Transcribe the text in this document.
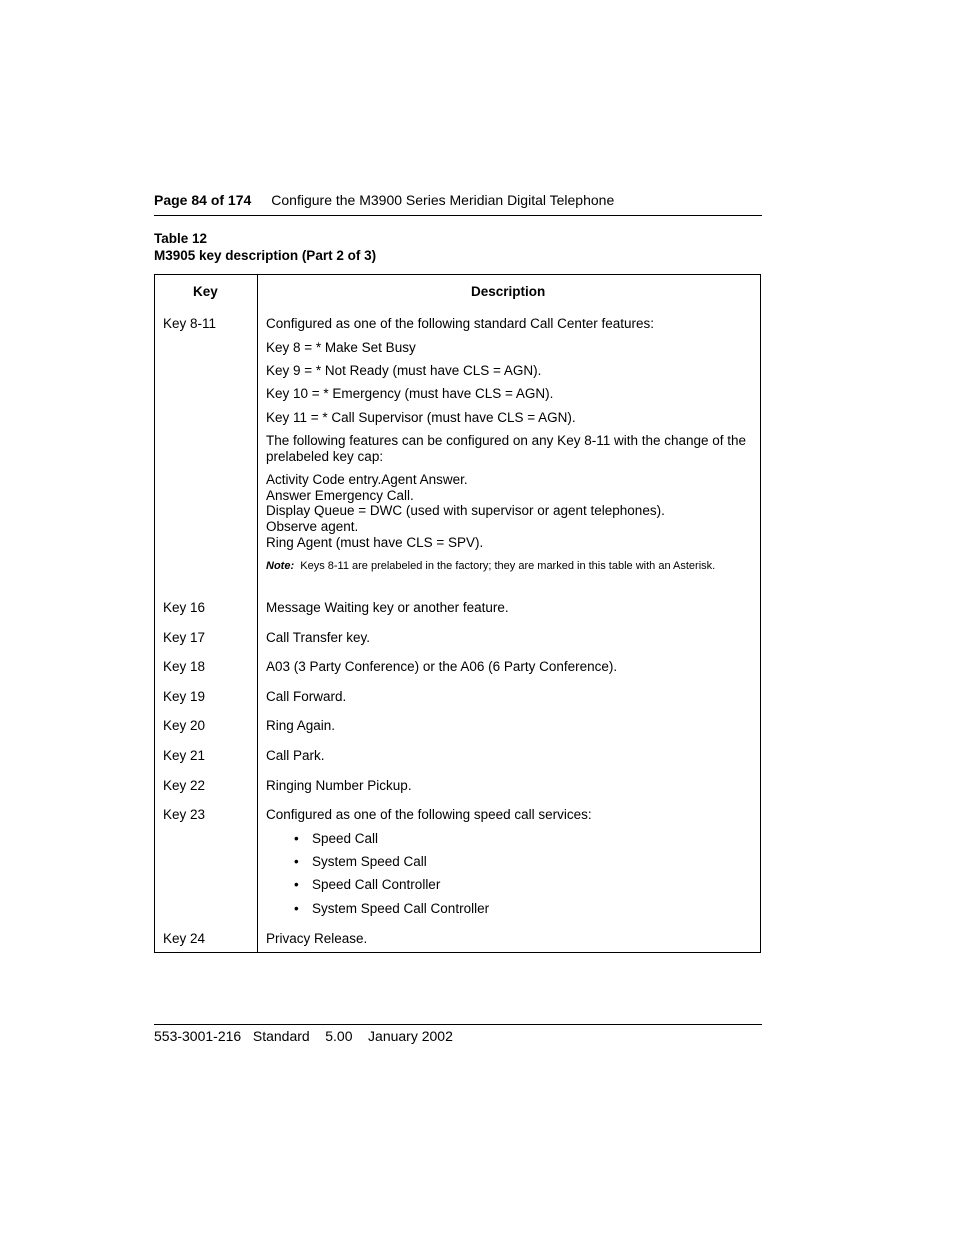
Page 84 of 174 Configure the M3900 Series Meridian Digital Telephone
Table 12
M3905 key description (Part 2 of 3)
Key	Description
Key 8-11	Configured as one of the following standard Call Center features:
Key 8 = * Make Set Busy
Key 9 = * Not Ready (must have CLS = AGN).
Key 10 = * Emergency (must have CLS = AGN).
Key 11 = * Call Supervisor (must have CLS = AGN).
The following features can be configured on any Key 8-11 with the change of the prelabeled key cap:
Activity Code entry.Agent Answer.
Answer Emergency Call.
Display Queue = DWC (used with supervisor or agent telephones).
Observe agent.
Ring Agent (must have CLS = SPV).
Note: Keys 8-11 are prelabeled in the factory; they are marked in this table with an Asterisk.
Key 16	Message Waiting key or another feature.
Key 17	Call Transfer key.
Key 18	A03 (3 Party Conference) or the A06 (6 Party Conference).
Key 19	Call Forward.
Key 20	Ring Again.
Key 21	Call Park.
Key 22	Ringing Number Pickup.
Key 23	Configured as one of the following speed call services:
• Speed Call
• System Speed Call
• Speed Call Controller
• System Speed Call Controller
Key 24	Privacy Release.
553-3001-216   Standard    5.00    January 2002
